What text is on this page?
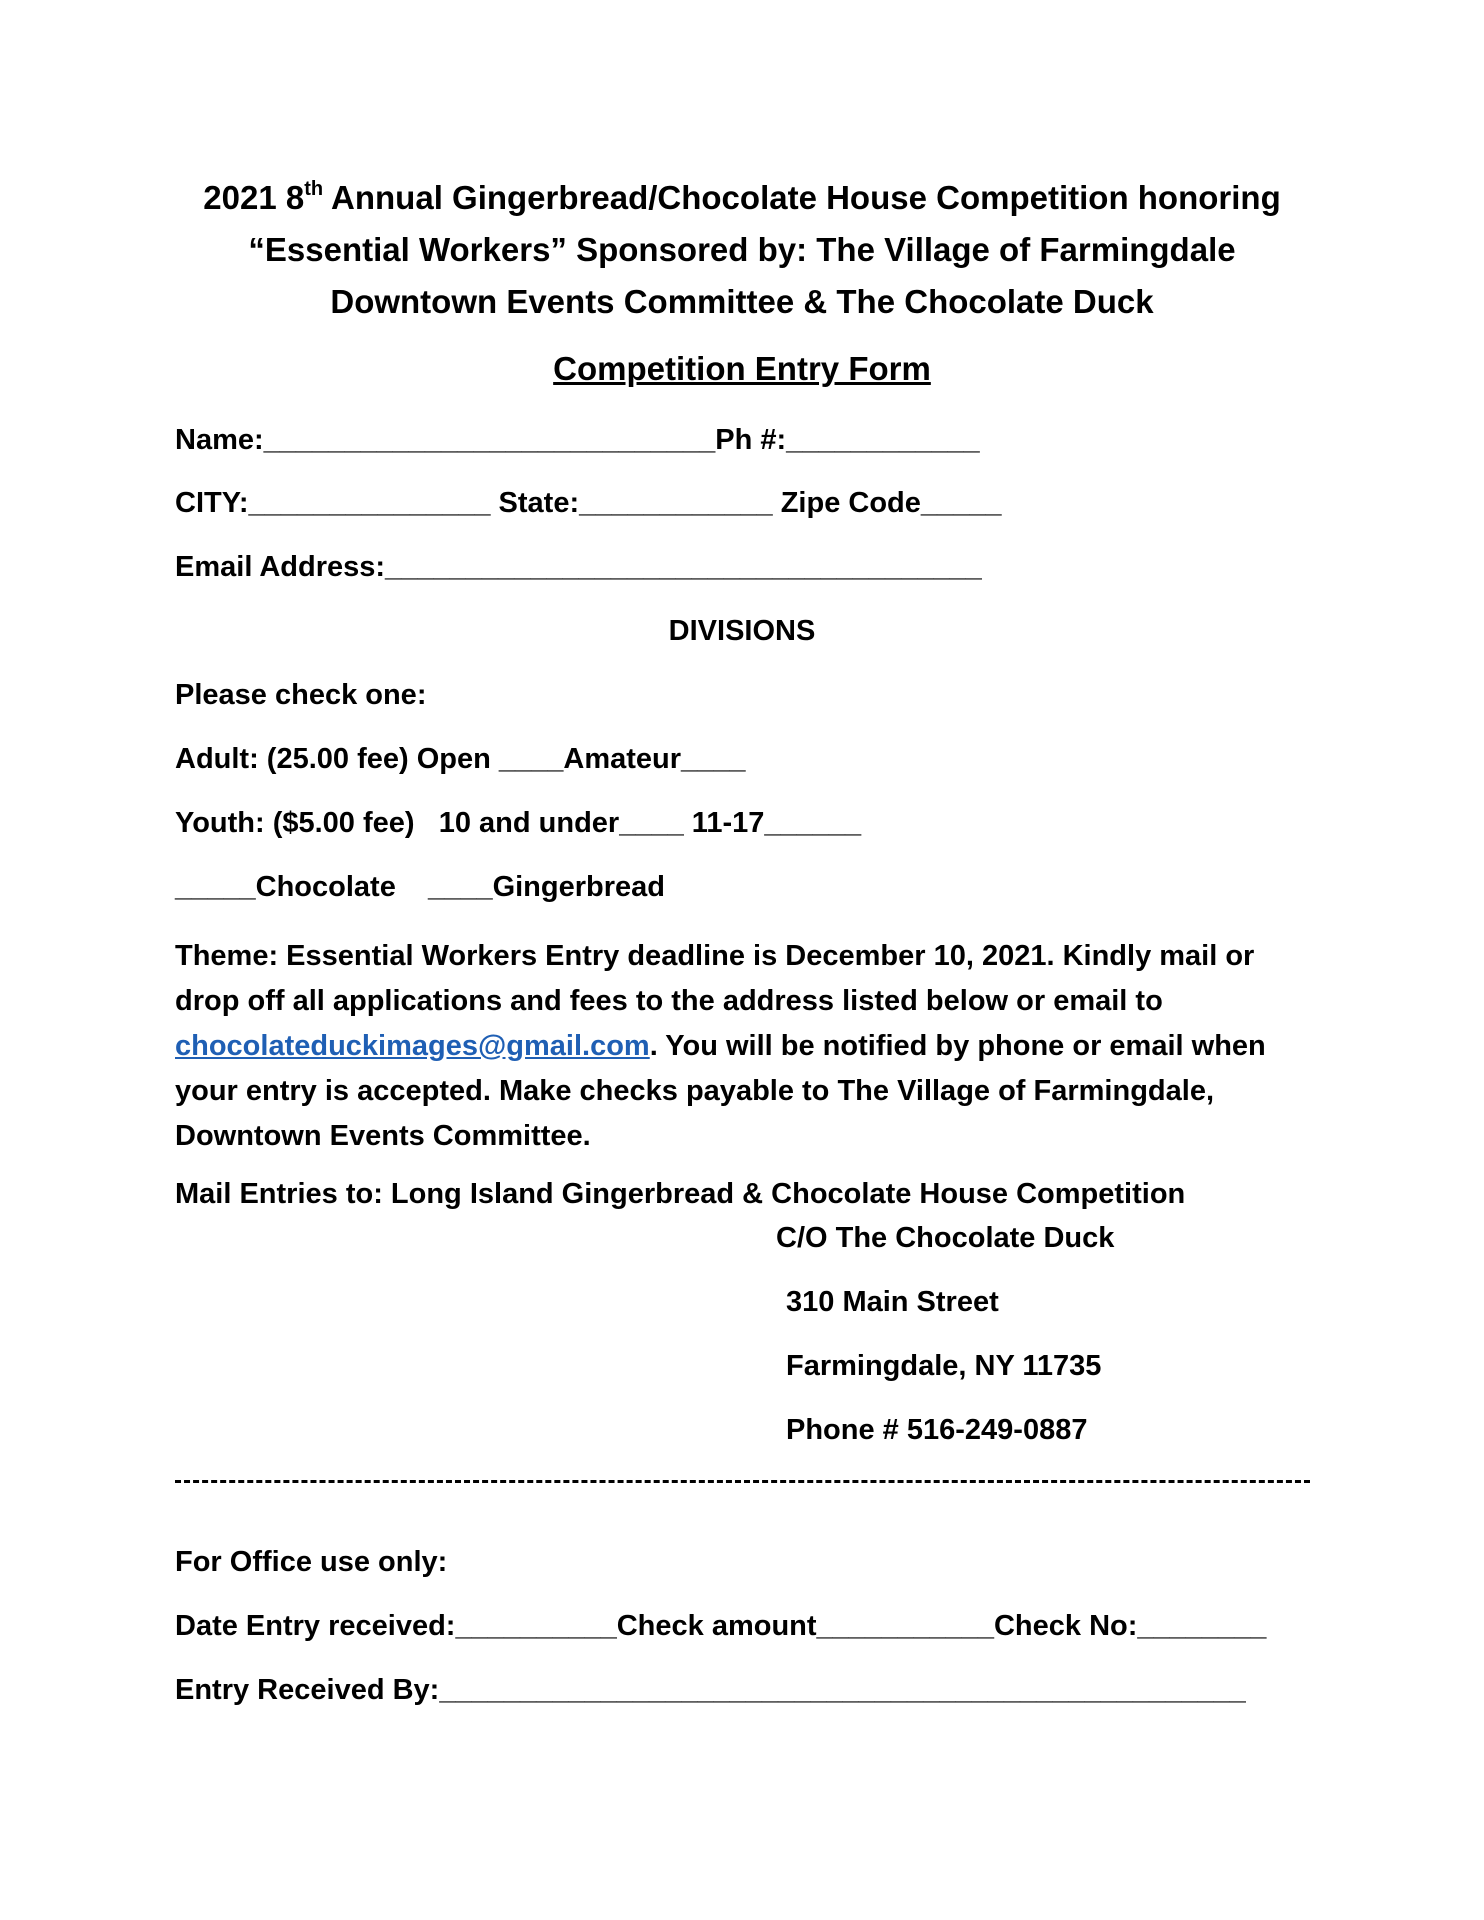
2021 8th Annual Gingerbread/Chocolate House Competition honoring
“Essential Workers” Sponsored by: The Village of Farmingdale
Downtown Events Committee & The Chocolate Duck
Competition Entry Form
Name:____________________________Ph #:____________
CITY:_______________ State:____________ Zipe Code_____
Email Address:_____________________________________
DIVISIONS
Please check one:
Adult: (25.00 fee) Open ____Amateur____
Youth: ($5.00 fee)   10 and under____ 11-17______
_____Chocolate    ____Gingerbread
Theme: Essential Workers Entry deadline is December 10, 2021. Kindly mail or drop off all applications and fees to the address listed below or email to chocolateduckimages@gmail.com. You will be notified by phone or email when your entry is accepted. Make checks payable to The Village of Farmingdale, Downtown Events Committee.
Mail Entries to: Long Island Gingerbread & Chocolate House Competition
C/O The Chocolate Duck
310 Main Street
Farmingdale, NY 11735
Phone # 516-249-0887
For Office use only:
Date Entry received:__________Check amount___________Check No:________
Entry Received By:__________________________________________________
